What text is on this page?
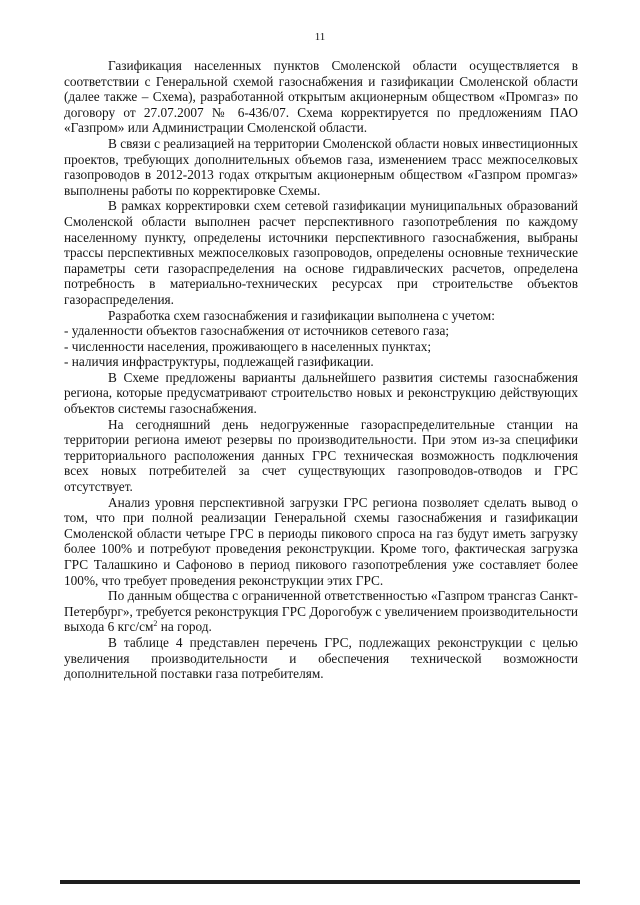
11

Газификация населенных пунктов Смоленской области осуществляется в соответствии с Генеральной схемой газоснабжения и газификации Смоленской области (далее также – Схема), разработанной открытым акционерным обществом «Промгаз» по договору от 27.07.2007 № 6-436/07. Схема корректируется по предложениям ПАО «Газпром» или Администрации Смоленской области.

В связи с реализацией на территории Смоленской области новых инвестиционных проектов, требующих дополнительных объемов газа, изменением трасс межпоселковых газопроводов в 2012-2013 годах открытым акционерным обществом «Газпром промгаз» выполнены работы по корректировке Схемы.

В рамках корректировки схем сетевой газификации муниципальных образований Смоленской области выполнен расчет перспективного газопотребления по каждому населенному пункту, определены источники перспективного газоснабжения, выбраны трассы перспективных межпоселковых газопроводов, определены основные технические параметры сети газораспределения на основе гидравлических расчетов, определена потребность в материально-технических ресурсах при строительстве объектов газораспределения.

Разработка схем газоснабжения и газификации выполнена с учетом:

- удаленности объектов газоснабжения от источников сетевого газа;

- численности населения, проживающего в населенных пунктах;

- наличия инфраструктуры, подлежащей газификации.

В Схеме предложены варианты дальнейшего развития системы газоснабжения региона, которые предусматривают строительство новых и реконструкцию действующих объектов системы газоснабжения.

На сегодняшний день недогруженные газораспределительные станции на территории региона имеют резервы по производительности. При этом из-за специфики территориального расположения данных ГРС техническая возможность подключения всех новых потребителей за счет существующих газопроводов-отводов и ГРС отсутствует.

Анализ уровня перспективной загрузки ГРС региона позволяет сделать вывод о том, что при полной реализации Генеральной схемы газоснабжения и газификации Смоленской области четыре ГРС в периоды пикового спроса на газ будут иметь загрузку более 100% и потребуют проведения реконструкции. Кроме того, фактическая загрузка ГРС Талашкино и Сафоново в период пикового газопотребления уже составляет более 100%, что требует проведения реконструкции этих ГРС.

По данным общества с ограниченной ответственностью «Газпром трансгаз Санкт-Петербург», требуется реконструкция ГРС Дорогобуж с увеличением производительности выхода 6 кгс/$см^2$ на город.

В таблице 4 представлен перечень ГРС, подлежащих реконструкции с целью увеличения производительности и обеспечения технической возможности дополнительной поставки газа потребителям.
